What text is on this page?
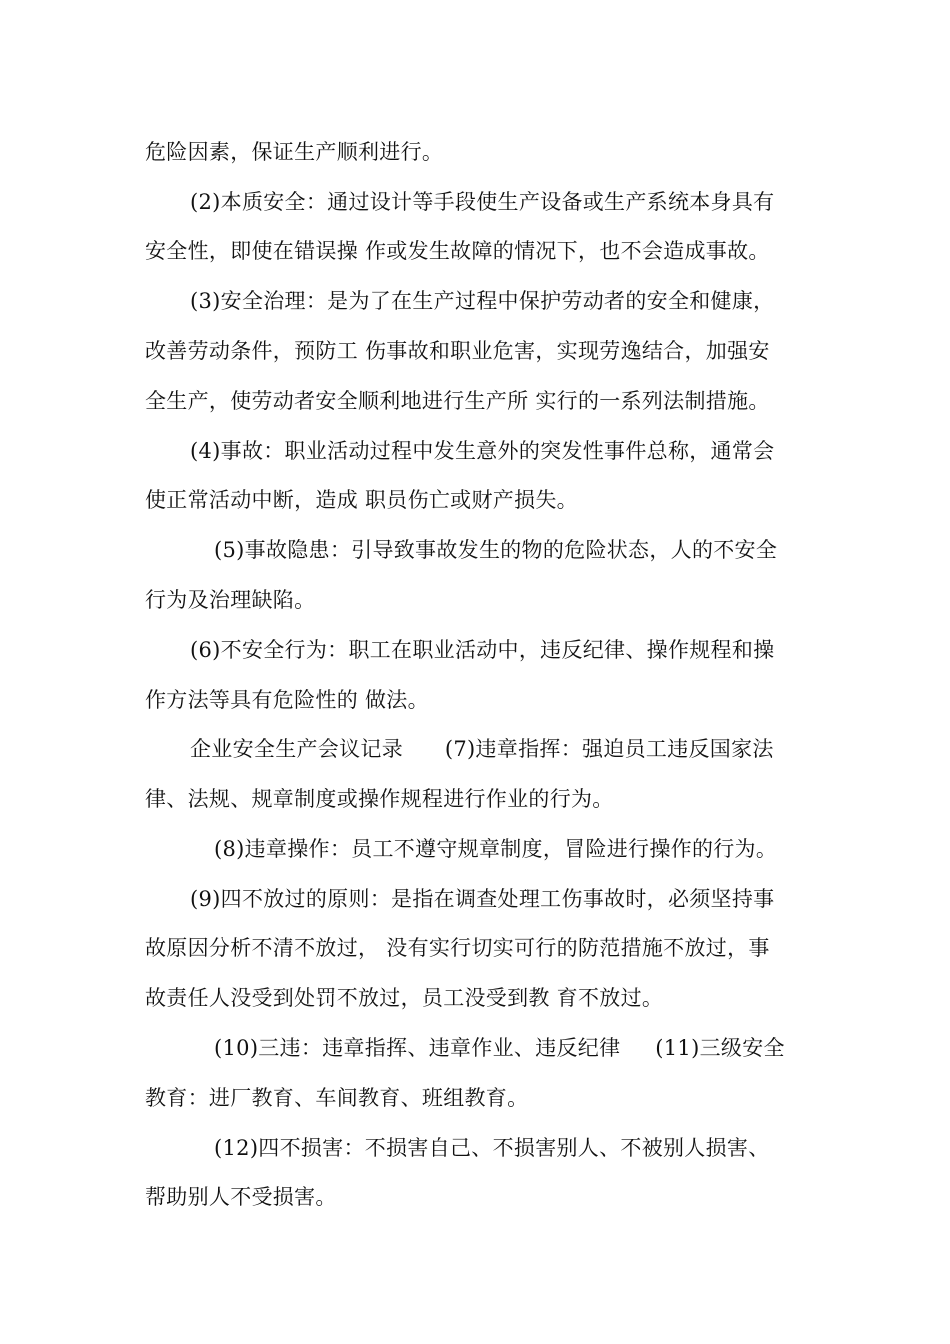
危险因素，保证生产顺利进行。
(2)本质安全：通过设计等手段使生产设备或生产系统本身具有
安全性，即使在错误操 作或发生故障的情况下，也不会造成事故。
(3)安全治理：是为了在生产过程中保护劳动者的安全和健康，
改善劳动条件，预防工 伤事故和职业危害，实现劳逸结合，加强安
全生产，使劳动者安全顺利地进行生产所 实行的一系列法制措施。
(4)事故：职业活动过程中发生意外的突发性事件总称，通常会
使正常活动中断，造成 职员伤亡或财产损失。
(5)事故隐患：引导致事故发生的物的危险状态，人的不安全
行为及治理缺陷。
(6)不安全行为：职工在职业活动中，违反纪律、操作规程和操
作方法等具有危险性的 做法。
企业安全生产会议记录      (7)违章指挥：强迫员工违反国家法
律、法规、规章制度或操作规程进行作业的行为。
(8)违章操作：员工不遵守规章制度，冒险进行操作的行为。
(9)四不放过的原则：是指在调查处理工伤事故时，必须坚持事
故原因分析不清不放过， 没有实行切实可行的防范措施不放过，事
故责任人没受到处罚不放过，员工没受到教 育不放过。
(10)三违：违章指挥、违章作业、违反纪律     (11)三级安全
教育：进厂教育、车间教育、班组教育。
(12)四不损害：不损害自己、不损害别人、不被别人损害、
帮助别人不受损害。
